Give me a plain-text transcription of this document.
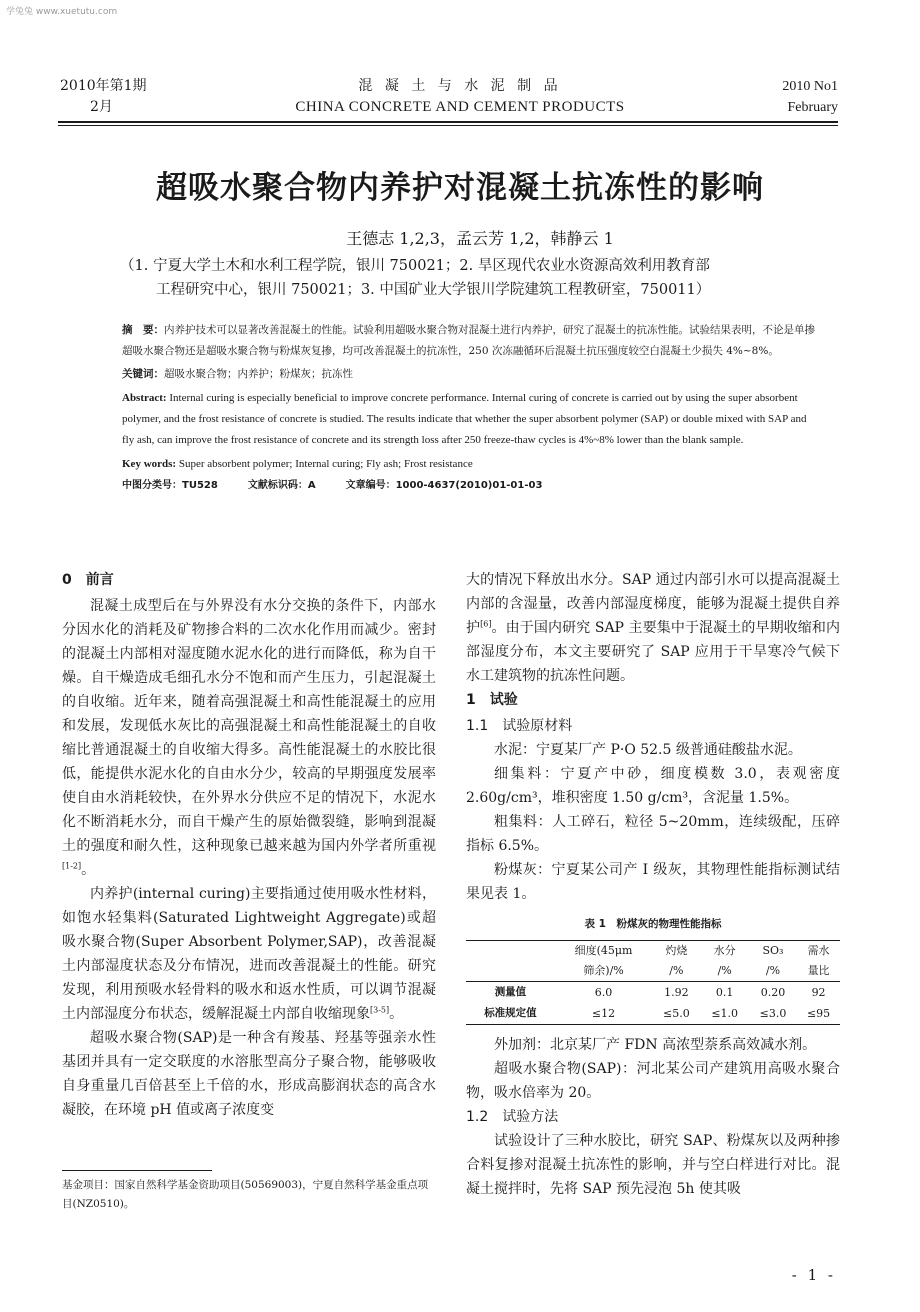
学兔兔 www.xuetutu.com
2010年第1期
2月
混 凝 土 与 水 泥 制 品
CHINA CONCRETE AND CEMENT PRODUCTS
2010 No1
February
超吸水聚合物内养护对混凝土抗冻性的影响
王德志 1,2,3，孟云芳 1,2，韩静云 1
（1. 宁夏大学土木和水利工程学院，银川 750021；2. 旱区现代农业水资源高效利用教育部
工程研究中心，银川 750021；3. 中国矿业大学银川学院建筑工程教研室，750011）
摘　要：内养护技术可以显著改善混凝土的性能。试验利用超吸水聚合物对混凝土进行内养护，研究了混凝土的抗冻性能。试验结果表明，不论是单掺超吸水聚合物还是超吸水聚合物与粉煤灰复掺，均可改善混凝土的抗冻性，250 次冻融循环后混凝土抗压强度较空白混凝土少损失 4%~8%。
关键词：超吸水聚合物；内养护；粉煤灰；抗冻性
Abstract: Internal curing is especially beneficial to improve concrete performance. Internal curing of concrete is carried out by using the super absorbent polymer, and the frost resistance of concrete is studied. The results indicate that whether the super absorbent polymer (SAP) or double mixed with SAP and fly ash, can improve the frost resistance of concrete and its strength loss after 250 freeze-thaw cycles is 4%~8% lower than the blank sample.
Key words: Super absorbent polymer; Internal curing; Fly ash; Frost resistance
中图分类号：TU528	文献标识码：A	文章编号：1000-4637(2010)01-01-03
0　前言

混凝土成型后在与外界没有水分交换的条件下，内部水分因水化的消耗及矿物掺合料的二次水化作用而减少。密封的混凝土内部相对湿度随水泥水化的进行而降低，称为自干燥。自干燥造成毛细孔水分不饱和而产生压力，引起混凝土的自收缩。近年来，随着高强混凝土和高性能混凝土的应用和发展，发现低水灰比的高强混凝土和高性能混凝土的自收缩比普通混凝土的自收缩大得多。高性能混凝土的水胶比很低，能提供水泥水化的自由水分少，较高的早期强度发展率使自由水消耗较快，在外界水分供应不足的情况下，水泥水化不断消耗水分，而自干燥产生的原始微裂缝，影响到混凝土的强度和耐久性，这种现象已越来越为国内外学者所重视[1-2]。

内养护(internal curing)主要指通过使用吸水性材料，如饱水轻集料(Saturated Lightweight Aggregate)或超吸水聚合物(Super Absorbent Polymer,SAP)，改善混凝土内部湿度状态及分布情况，进而改善混凝土的性能。研究发现，利用预吸水轻骨料的吸水和返水性质，可以调节混凝土内部湿度分布状态，缓解混凝土内部自收缩现象[3-5]。

超吸水聚合物(SAP)是一种含有羧基、羟基等强亲水性基团并具有一定交联度的水溶胀型高分子聚合物，能够吸收自身重量几百倍甚至上千倍的水，形成高膨润状态的高含水凝胶，在环境 pH 值或离子浓度变

大的情况下释放出水分。SAP 通过内部引水可以提高混凝土内部的含湿量，改善内部湿度梯度，能够为混凝土提供自养护[6]。由于国内研究 SAP 主要集中于混凝土的早期收缩和内部湿度分布，本文主要研究了 SAP 应用于干旱寒冷气候下水工建筑物的抗冻性问题。

1　试验
1.1　试验原材料

水泥：宁夏某厂产 P·O 52.5 级普通硅酸盐水泥。

细集料：宁夏产中砂，细度模数 3.0，表观密度 2.60g/cm³，堆积密度 1.50 g/cm³，含泥量 1.5%。

粗集料：人工碎石，粒径 5~20mm，连续级配，压碎指标 6.5%。

粉煤灰：宁夏某公司产 Ⅰ 级灰，其物理性能指标测试结果见表 1。

表 1　粉煤灰的物理性能指标
	细度(45μm	灼烧	水分	SO₃	需水
	筛余)/%	/%	/%	/%	量比
测量值	6.0	1.92	0.1	0.20	92
标准规定值	≤12	≤5.0	≤1.0	≤3.0	≤95

外加剂：北京某厂产 FDN 高浓型萘系高效减水剂。

超吸水聚合物(SAP)：河北某公司产建筑用高吸水聚合物，吸水倍率为 20。

1.2　试验方法

试验设计了三种水胶比，研究 SAP、粉煤灰以及两种掺合料复掺对混凝土抗冻性的影响，并与空白样进行对比。混凝土搅拌时，先将 SAP 预先浸泡 5h 使其吸

基金项目：国家自然科学基金资助项目(50569003)，宁夏自然科学基金重点项目(NZ0510)。
- 1 -
